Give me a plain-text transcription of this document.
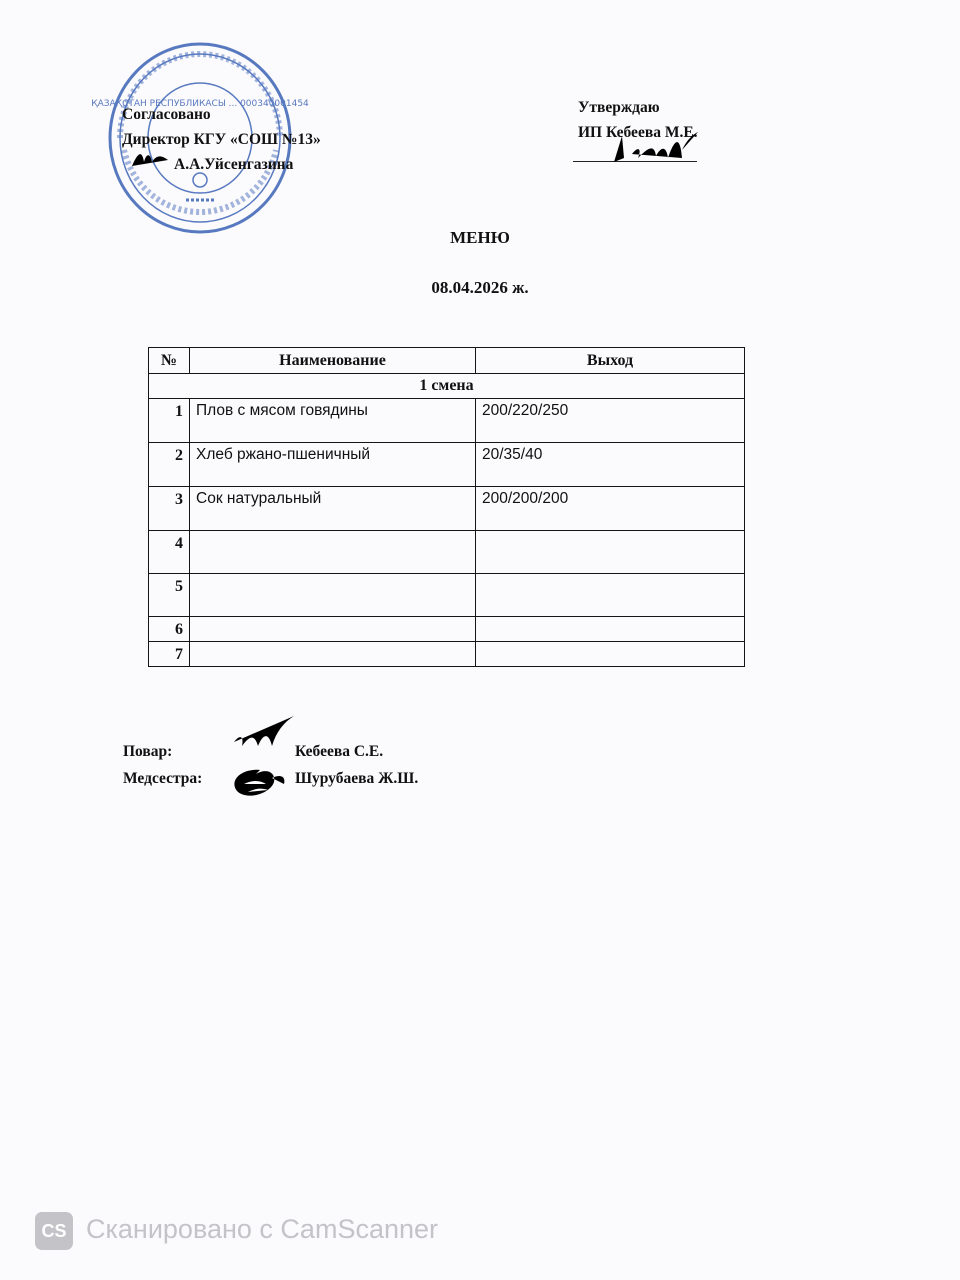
ҚАЗАҚСТАН РЕСПУБЛИКАСЫ ... 000340001454
Согласовано
Директор КГУ «СОШ №13»
А.А.Уйсенгазина
Утверждаю
ИП Кебеева М.Е.
МЕНЮ
08.04.2026 ж.
№	Наименование	Выход
1 смена		
1	Плов с мясом говядины	200/220/250
2	Хлеб ржано-пшеничный	20/35/40
3	Сок натуральный	200/200/200
4		
5		
6		
7		
Повар:	Кебеева С.Е.
Медсестра:	Шурубаева Ж.Ш.
CS Сканировано с CamScanner
